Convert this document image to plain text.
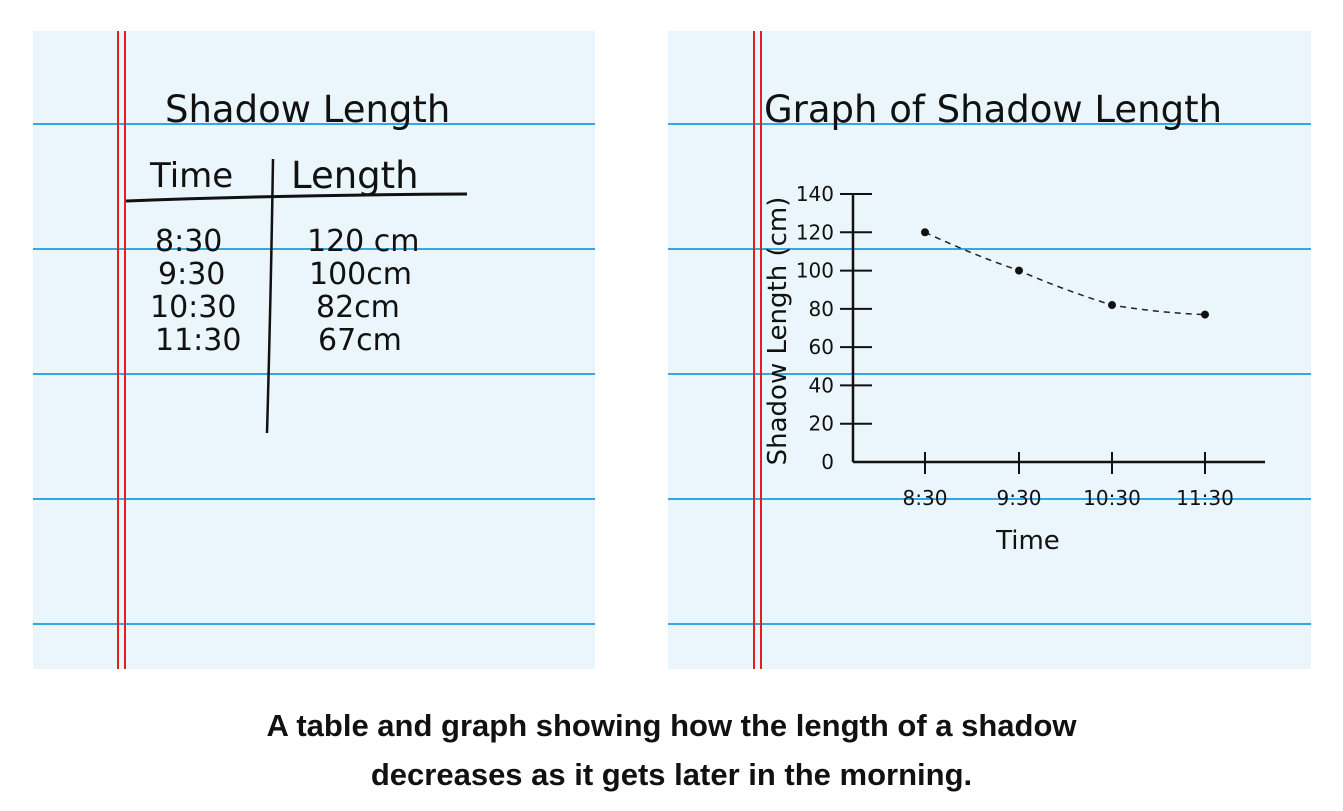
Shadow Length
Time Length
8:30	120 cm
9:30	100cm
10:30	82cm
11:30	67cm
Graph of Shadow Length
0
20
40
60
80
100
120
140
8:30 9:30 10:30 11:30
Shadow Length (cm)
Time
A table and graph showing how the length of a shadow
decreases as it gets later in the morning.
